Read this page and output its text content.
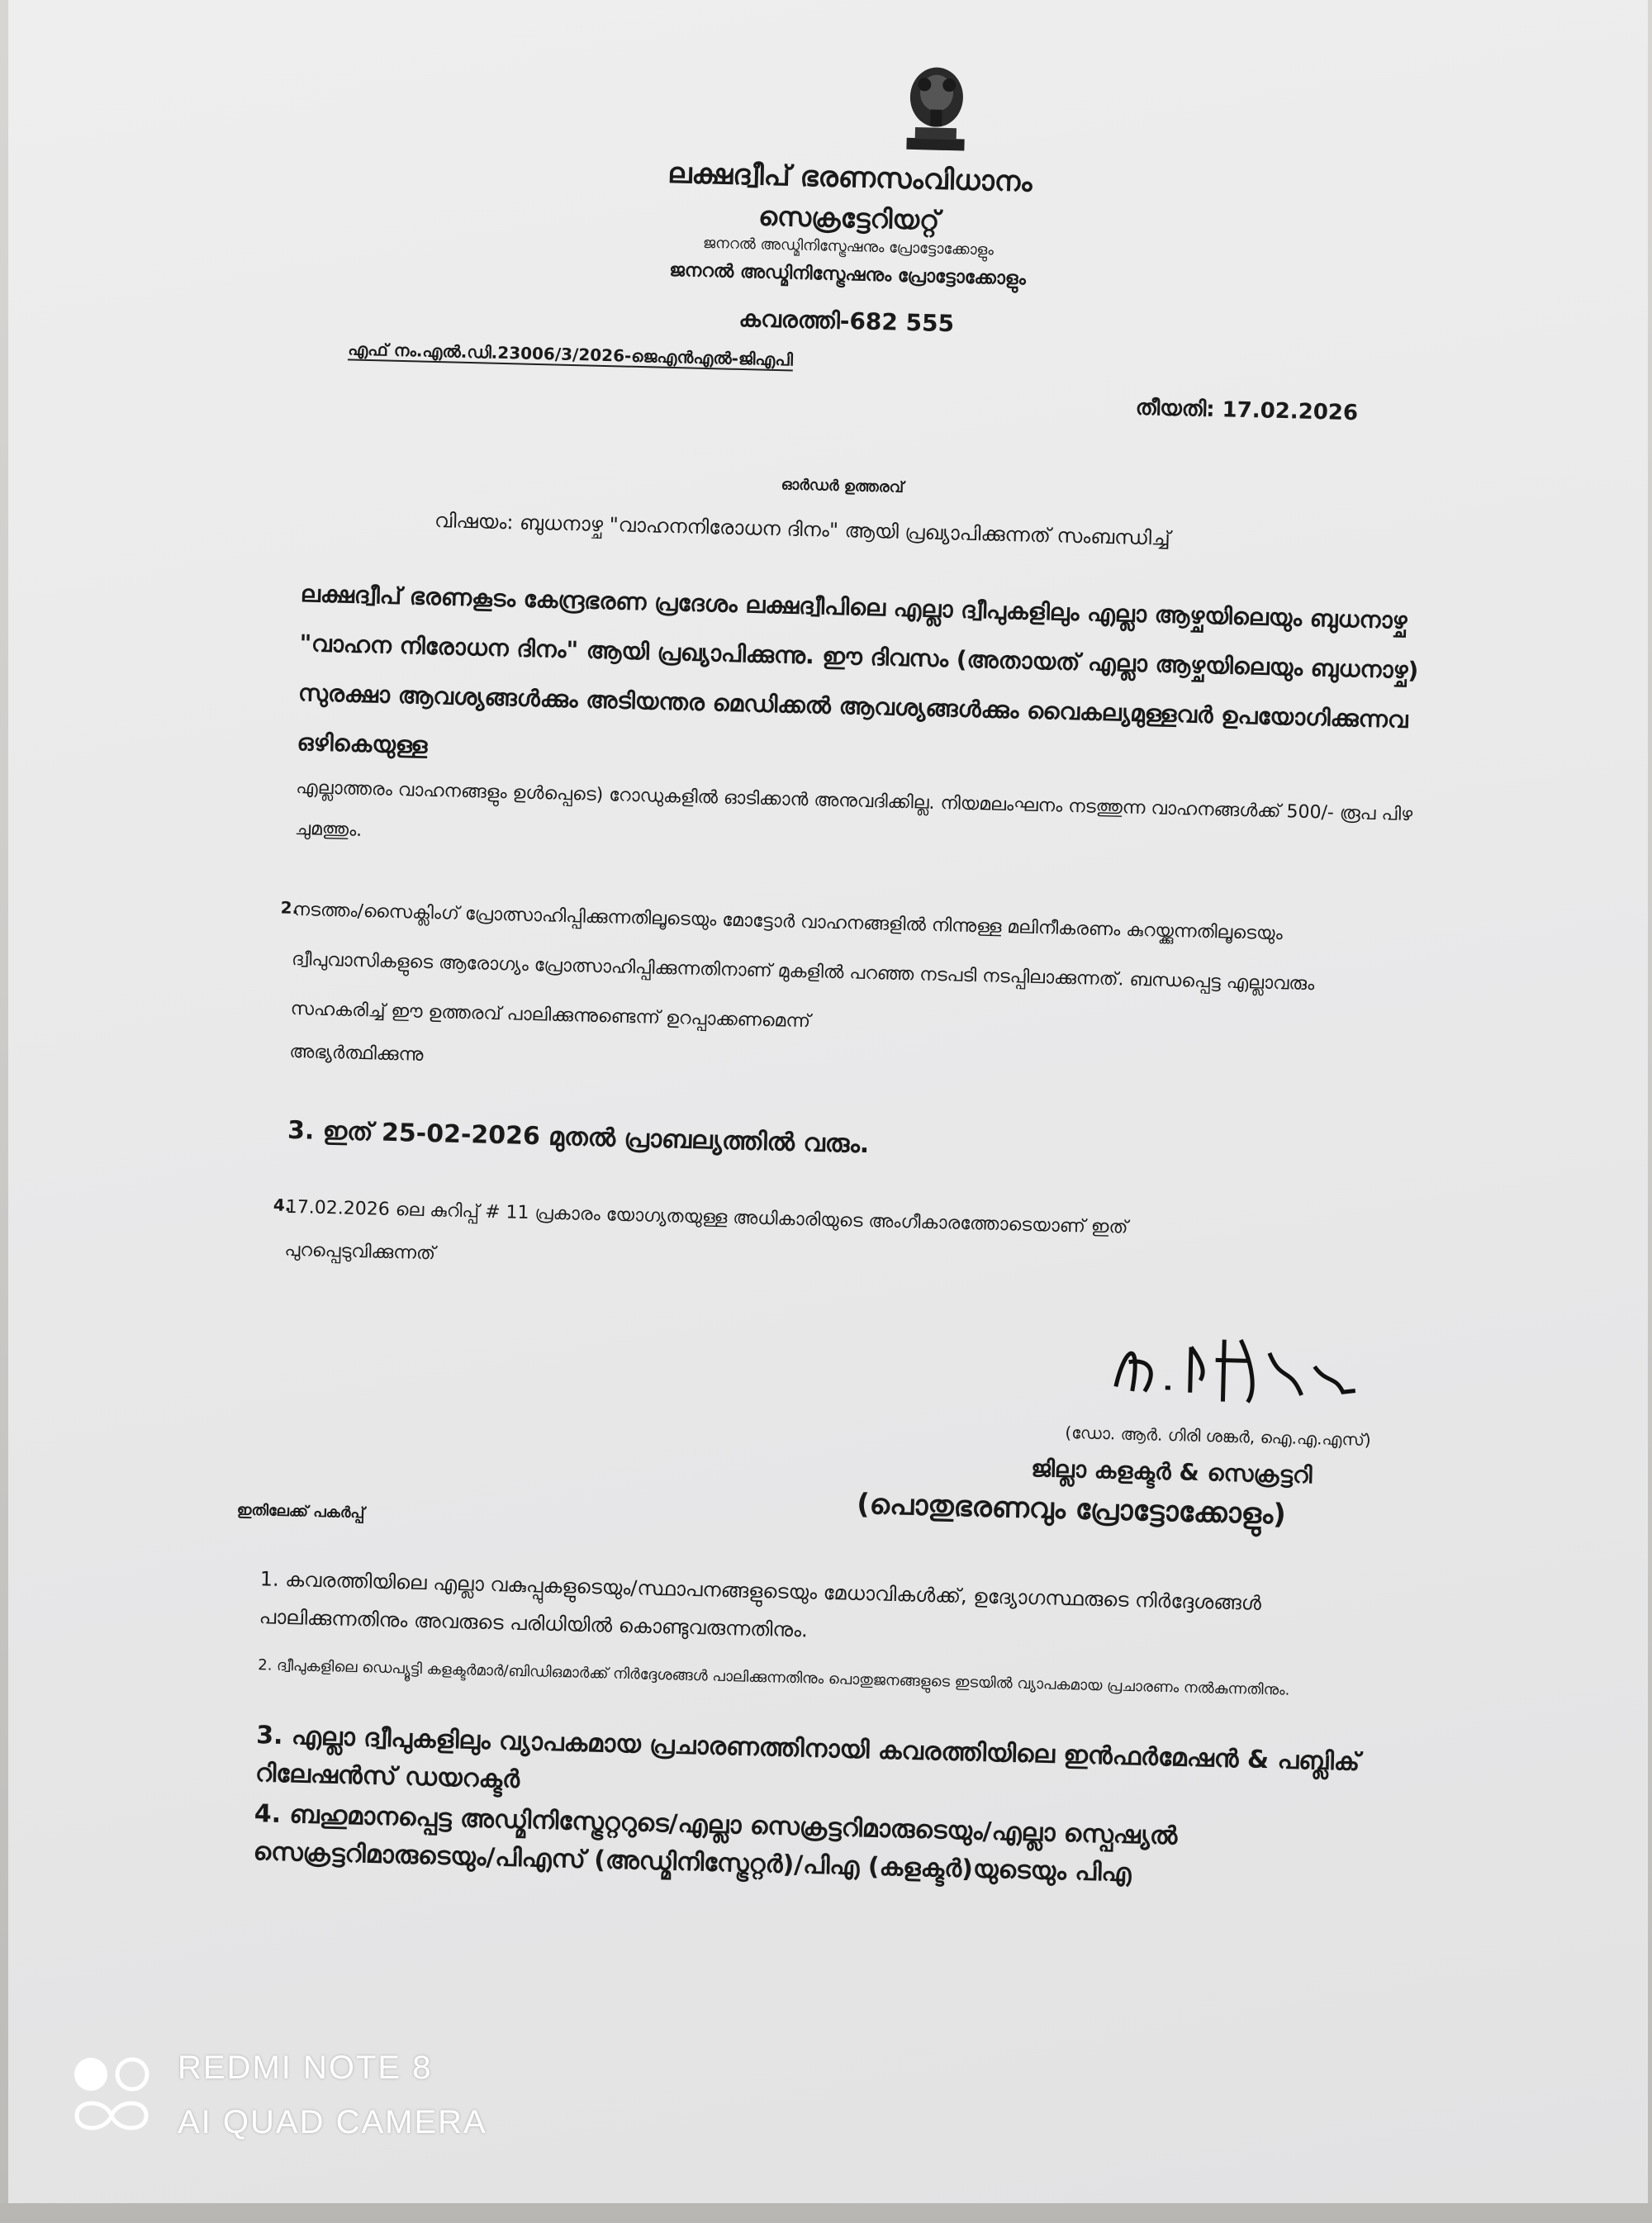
ലക്ഷദ്വീപ് ഭരണസംവിധാനം
സെക്രട്ടേറിയറ്റ്
ജനറൽ അഡ്മിനിസ്ട്രേഷനും പ്രോട്ടോക്കോളും
ജനറൽ അഡ്മിനിസ്ട്രേഷനും പ്രോട്ടോക്കോളും
കവരത്തി-682 555
എഫ് നം.എൽ.ഡി.23006/3/2026-ജെഎൻഎൽ-ജിഎപി
തീയതി: 17.02.2026
ഓർഡർ ഉത്തരവ്
വിഷയം: ബുധനാഴ്ച "വാഹനനിരോധന ദിനം" ആയി പ്രഖ്യാപിക്കുന്നത് സംബന്ധിച്ച്
ലക്ഷദ്വീപ് ഭരണകൂടം കേന്ദ്രഭരണ പ്രദേശം ലക്ഷദ്വീപിലെ എല്ലാ ദ്വീപുകളിലും എല്ലാ ആഴ്ചയിലെയും ബുധനാഴ്ച "വാഹന നിരോധന ദിനം" ആയി പ്രഖ്യാപിക്കുന്നു. ഈ ദിവസം (അതായത് എല്ലാ ആഴ്ചയിലെയും ബുധനാഴ്ച) സുരക്ഷാ ആവശ്യങ്ങൾക്കും അടിയന്തര മെഡിക്കൽ ആവശ്യങ്ങൾക്കും വൈകല്യമുള്ളവർ ഉപയോഗിക്കുന്നവ ഒഴികെയുള്ള
എല്ലാത്തരം വാഹനങ്ങളും ഉൾപ്പെടെ) റോഡുകളിൽ ഓടിക്കാൻ അനുവദിക്കില്ല. നിയമലംഘനം നടത്തുന്ന വാഹനങ്ങൾക്ക് 500/- രൂപ പിഴ ചുമത്തും.
2.
നടത്തം/സൈക്ലിംഗ് പ്രോത്സാഹിപ്പിക്കുന്നതിലൂടെയും മോട്ടോർ വാഹനങ്ങളിൽ നിന്നുള്ള മലിനീകരണം കുറയ്ക്കുന്നതിലൂടെയും ദ്വീപുവാസികളുടെ ആരോഗ്യം പ്രോത്സാഹിപ്പിക്കുന്നതിനാണ് മുകളിൽ പറഞ്ഞ നടപടി നടപ്പിലാക്കുന്നത്. ബന്ധപ്പെട്ട എല്ലാവരും സഹകരിച്ച് ഈ ഉത്തരവ് പാലിക്കുന്നുണ്ടെന്ന് ഉറപ്പാക്കണമെന്ന്
അഭ്യർത്ഥിക്കുന്നു
3. ഇത് 25-02-2026 മുതൽ പ്രാബല്യത്തിൽ വരും.
4.
17.02.2026 ലെ കുറിപ്പ് # 11 പ്രകാരം യോഗ്യതയുള്ള അധികാരിയുടെ അംഗീകാരത്തോടെയാണ് ഇത്
പുറപ്പെടുവിക്കുന്നത്
(ഡോ. ആർ. ഗിരി ശങ്കർ, ഐ.എ.എസ്)
ജില്ലാ കളക്ടർ & സെക്രട്ടറി
(പൊതുഭരണവും പ്രോട്ടോക്കോളും)
ഇതിലേക്ക് പകർപ്പ്
1. കവരത്തിയിലെ എല്ലാ വകുപ്പുകളുടെയും/സ്ഥാപനങ്ങളുടെയും മേധാവികൾക്ക്, ഉദ്യോഗസ്ഥരുടെ നിർദ്ദേശങ്ങൾ പാലിക്കുന്നതിനും അവരുടെ പരിധിയിൽ കൊണ്ടുവരുന്നതിനും.
2. ദ്വീപുകളിലെ ഡെപ്യൂട്ടി കളക്ടർമാർ/ബിഡിഒമാർക്ക് നിർദ്ദേശങ്ങൾ പാലിക്കുന്നതിനും പൊതുജനങ്ങളുടെ ഇടയിൽ വ്യാപകമായ പ്രചാരണം നൽകുന്നതിനും.
3. എല്ലാ ദ്വീപുകളിലും വ്യാപകമായ പ്രചാരണത്തിനായി കവരത്തിയിലെ ഇൻഫർമേഷൻ & പബ്ലിക് റിലേഷൻസ് ഡയറക്ടർ
4. ബഹുമാനപ്പെട്ട അഡ്മിനിസ്ട്രേറ്ററുടെ/എല്ലാ സെക്രട്ടറിമാരുടെയും/എല്ലാ സ്പെഷ്യൽ സെക്രട്ടറിമാരുടെയും/പിഎസ് (അഡ്മിനിസ്ട്രേറ്റർ)/പിഎ (കളക്ടർ)യുടെയും പിഎ
REDMI NOTE 8
AI QUAD CAMERA
